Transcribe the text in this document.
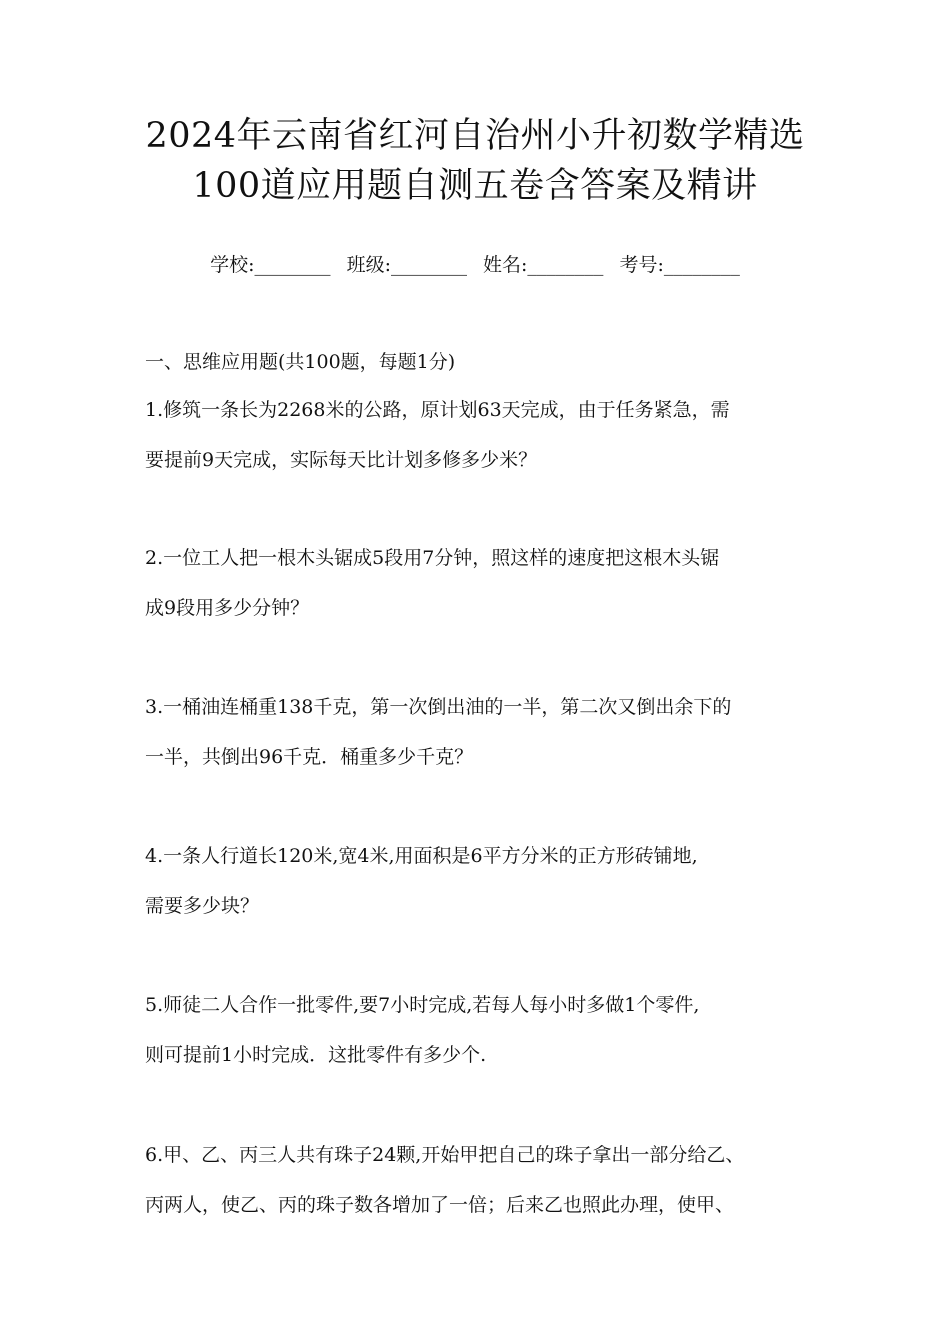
2024年云南省红河自治州小升初数学精选
100道应用题自测五卷含答案及精讲
学校:________ 班级:________ 姓名:________ 考号:________
一、思维应用题(共100题，每题1分)
1.修筑一条长为2268米的公路，原计划63天完成，由于任务紧急，需
要提前9天完成，实际每天比计划多修多少米？
2.一位工人把一根木头锯成5段用7分钟，照这样的速度把这根木头锯
成9段用多少分钟？
3.一桶油连桶重138千克，第一次倒出油的一半，第二次又倒出余下的
一半，共倒出96千克．桶重多少千克？
4.一条人行道长120米,宽4米,用面积是6平方分米的正方形砖铺地,
需要多少块？
5.师徒二人合作一批零件,要7小时完成,若每人每小时多做1个零件,
则可提前1小时完成．这批零件有多少个.
6.甲、乙、丙三人共有珠子24颗,开始甲把自己的珠子拿出一部分给乙、
丙两人，使乙、丙的珠子数各增加了一倍；后来乙也照此办理，使甲、
